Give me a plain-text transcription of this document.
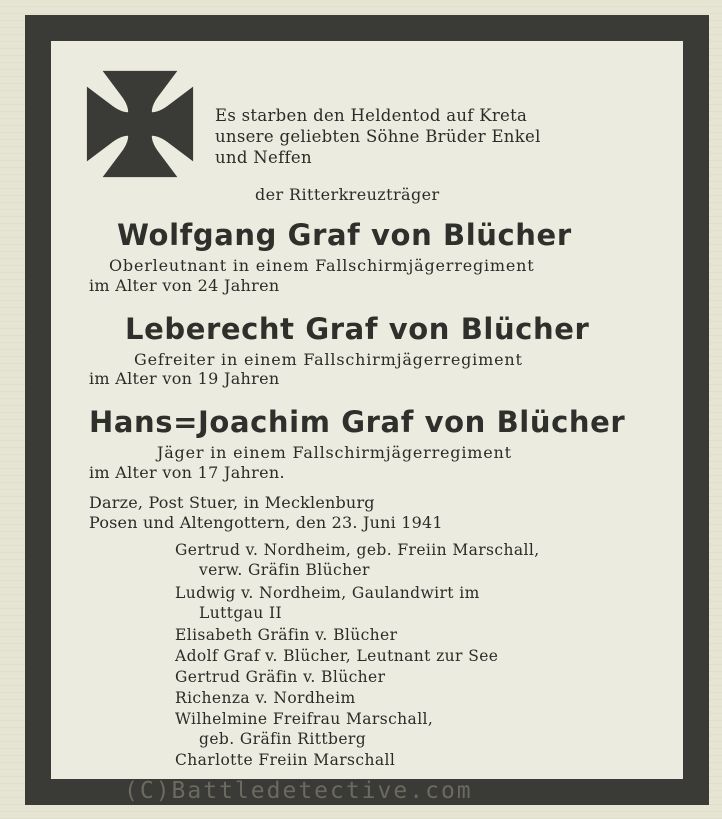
Es starben den Heldentod auf Kreta

unsere geliebten Söhne Brüder Enkel

und Neffen

der Ritterkreuzträger

Wolfgang Graf von Blücher

Oberleutnant in einem Fallschirmjägerregiment

im Alter von 24 Jahren

Leberecht Graf von Blücher

Gefreiter in einem Fallschirmjägerregiment

im Alter von 19 Jahren

Hans=Joachim Graf von Blücher

Jäger in einem Fallschirmjägerregiment

im Alter von 17 Jahren.

Darze, Post Stuer, in Mecklenburg

Posen und Altengottern, den 23. Juni 1941

Gertrud v. Nordheim, geb. Freiin Marschall,

verw. Gräfin Blücher

Ludwig v. Nordheim, Gaulandwirt im

Luttgau II

Elisabeth Gräfin v. Blücher

Adolf Graf v. Blücher, Leutnant zur See

Gertrud Gräfin v. Blücher

Richenza v. Nordheim

Wilhelmine Freifrau Marschall,

geb. Gräfin Rittberg

Charlotte Freiin Marschall

(C)Battledetective.com
